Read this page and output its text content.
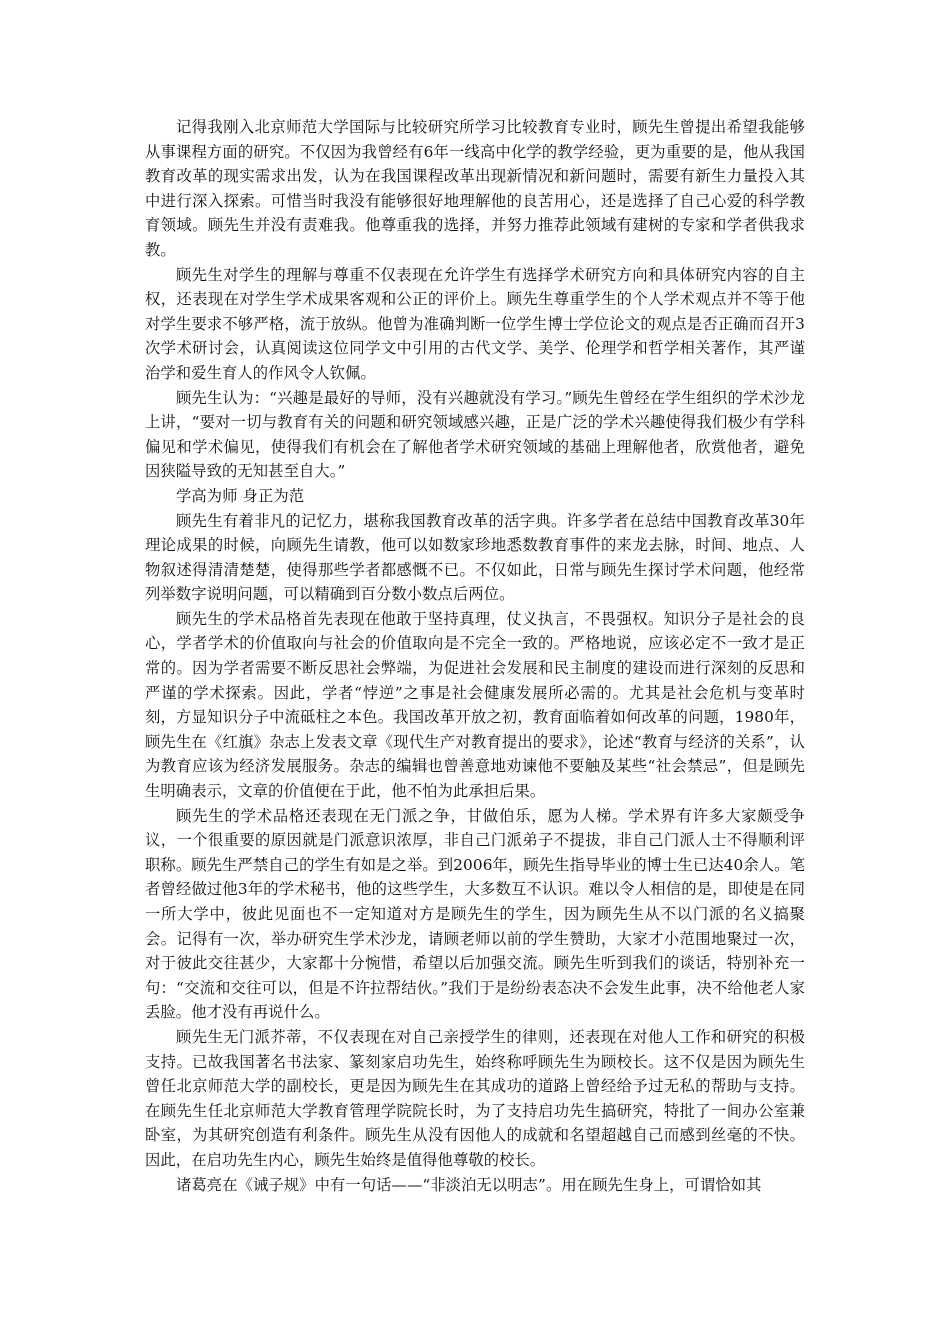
记得我刚入北京师范大学国际与比较研究所学习比较教育专业时，顾先生曾提出希望我能够从事课程方面的研究。不仅因为我曾经有6年一线高中化学的教学经验，更为重要的是，他从我国教育改革的现实需求出发，认为在我国课程改革出现新情况和新问题时，需要有新生力量投入其中进行深入探索。可惜当时我没有能够很好地理解他的良苦用心，还是选择了自己心爱的科学教育领域。顾先生并没有责难我。他尊重我的选择，并努力推荐此领域有建树的专家和学者供我求教。

顾先生对学生的理解与尊重不仅表现在允许学生有选择学术研究方向和具体研究内容的自主权，还表现在对学生学术成果客观和公正的评价上。顾先生尊重学生的个人学术观点并不等于他对学生要求不够严格，流于放纵。他曾为准确判断一位学生博士学位论文的观点是否正确而召开3次学术研讨会，认真阅读这位同学文中引用的古代文学、美学、伦理学和哲学相关著作，其严谨治学和爱生育人的作风令人钦佩。

顾先生认为：“兴趣是最好的导师，没有兴趣就没有学习。”顾先生曾经在学生组织的学术沙龙上讲，“要对一切与教育有关的问题和研究领域感兴趣，正是广泛的学术兴趣使得我们极少有学科偏见和学术偏见，使得我们有机会在了解他者学术研究领域的基础上理解他者，欣赏他者，避免因狭隘导致的无知甚至自大。”

学高为师 身正为范

顾先生有着非凡的记忆力，堪称我国教育改革的活字典。许多学者在总结中国教育改革30年理论成果的时候，向顾先生请教，他可以如数家珍地悉数教育事件的来龙去脉，时间、地点、人物叙述得清清楚楚，使得那些学者都感慨不已。不仅如此，日常与顾先生探讨学术问题，他经常列举数字说明问题，可以精确到百分数小数点后两位。

顾先生的学术品格首先表现在他敢于坚持真理，仗义执言，不畏强权。知识分子是社会的良心，学者学术的价值取向与社会的价值取向是不完全一致的。严格地说，应该必定不一致才是正常的。因为学者需要不断反思社会弊端，为促进社会发展和民主制度的建设而进行深刻的反思和严谨的学术探索。因此，学者“悖逆”之事是社会健康发展所必需的。尤其是社会危机与变革时刻，方显知识分子中流砥柱之本色。我国改革开放之初，教育面临着如何改革的问题，1980年，顾先生在《红旗》杂志上发表文章《现代生产对教育提出的要求》，论述“教育与经济的关系”，认为教育应该为经济发展服务。杂志的编辑也曾善意地劝谏他不要触及某些“社会禁忌”，但是顾先生明确表示，文章的价值便在于此，他不怕为此承担后果。

顾先生的学术品格还表现在无门派之争，甘做伯乐，愿为人梯。学术界有许多大家颇受争议，一个很重要的原因就是门派意识浓厚，非自己门派弟子不提拔，非自己门派人士不得顺利评职称。顾先生严禁自己的学生有如是之举。到2006年，顾先生指导毕业的博士生已达40余人。笔者曾经做过他3年的学术秘书，他的这些学生，大多数互不认识。难以令人相信的是，即使是在同一所大学中，彼此见面也不一定知道对方是顾先生的学生，因为顾先生从不以门派的名义搞聚会。记得有一次，举办研究生学术沙龙，请顾老师以前的学生赞助，大家才小范围地聚过一次，对于彼此交往甚少，大家都十分惋惜，希望以后加强交流。顾先生听到我们的谈话，特别补充一句：“交流和交往可以，但是不许拉帮结伙。”我们于是纷纷表态决不会发生此事，决不给他老人家丢脸。他才没有再说什么。

顾先生无门派芥蒂，不仅表现在对自己亲授学生的律则，还表现在对他人工作和研究的积极支持。已故我国著名书法家、篆刻家启功先生，始终称呼顾先生为顾校长。这不仅是因为顾先生曾任北京师范大学的副校长，更是因为顾先生在其成功的道路上曾经给予过无私的帮助与支持。在顾先生任北京师范大学教育管理学院院长时，为了支持启功先生搞研究，特批了一间办公室兼卧室，为其研究创造有利条件。顾先生从没有因他人的成就和名望超越自己而感到丝毫的不快。因此，在启功先生内心，顾先生始终是值得他尊敬的校长。

诸葛亮在《诫子规》中有一句话——“非淡泊无以明志”。用在顾先生身上，可谓恰如其
